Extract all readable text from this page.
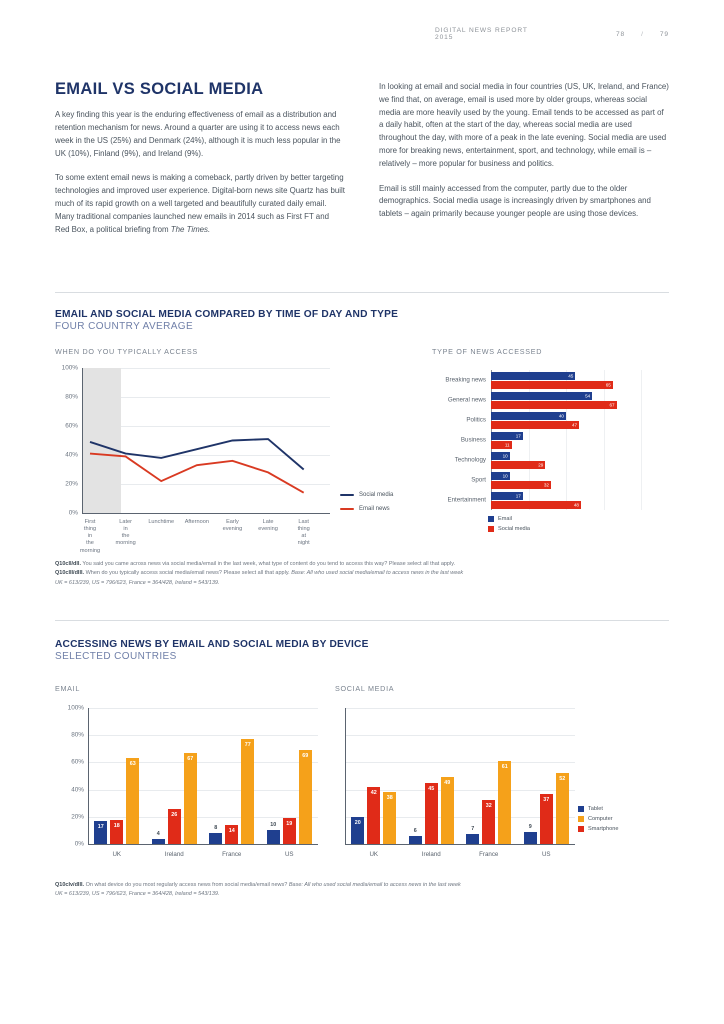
DIGITAL NEWS REPORT 2015	78 / 79
EMAIL VS SOCIAL MEDIA

A key finding this year is the enduring effectiveness of email as a distribution and retention mechanism for news. Around a quarter are using it to access news each week in the US (25%) and Denmark (24%), although it is much less popular in the UK (10%), Finland (9%), and Ireland (9%).

To some extent email news is making a comeback, partly driven by better targeting technologies and improved user experience. Digital-born news site Quartz has built much of its rapid growth on a well targeted and beautifully curated daily email. Many traditional companies launched new emails in 2014 such as First FT and Red Box, a political briefing from The Times.

In looking at email and social media in four countries (US, UK, Ireland, and France) we find that, on average, email is used more by older groups, whereas social media are more heavily used by the young. Email tends to be accessed as part of a daily habit, often at the start of the day, whereas social media are used throughout the day, with more of a peak in the late evening. Social media are used more for breaking news, entertainment, sport, and technology, while email is – relatively – more popular for business and politics.

Email is still mainly accessed from the computer, partly due to the older demographics. Social media usage is increasingly driven by smartphones and tablets – again primarily because younger people are using those devices.

EMAIL AND SOCIAL MEDIA COMPARED BY TIME OF DAY AND TYPE
FOUR COUNTRY AVERAGE
WHEN DO YOU TYPICALLY ACCESS	TYPE OF NEWS ACCESSED
0%
20%
40%
60%
80%
100%
First
thing
in
the
morning
Later
in
the
morning
Lunchtime	Afternoon	Early
evening
Late
evening
Last
thing
at
night
Social media
Email news
Breaking news
45
65
General news
54
67
Politics
40
47
Business
17
11
Technology
10
29
Sport
10
32
Entertainment
17
48
Email
Social media
Q10cII/dII. You said you came across news via social media/email in the last week, what type of content do you tend to access this way? Please select all that apply.
Q10cIII/dIII. When do you typically access social media/email news? Please select all that apply. Base: All who used social media/email to access news in the last week
UK = 613/239, US = 796/623, France = 364/428, Ireland = 543/139.
ACCESSING NEWS BY EMAIL AND SOCIAL MEDIA BY DEVICE
SELECTED COUNTRIES
EMAIL	SOCIAL MEDIA
0%
20%
40%
60%
80%
100%
17 18
63
UK
4
26
67
Ireland
8 14
77
France
10 19
69
US
20
42
38
UK
6
45
49
Ireland
7
32
61
France
9
37
52
US
Tablet
Computer
Smartphone
Q10cIv/dIII. On what device do you most regularly access news from social media/email news? Base: All who used social media/email to access news in the last week
UK = 613/239, US = 796/623, France = 364/428, Ireland = 543/139.
